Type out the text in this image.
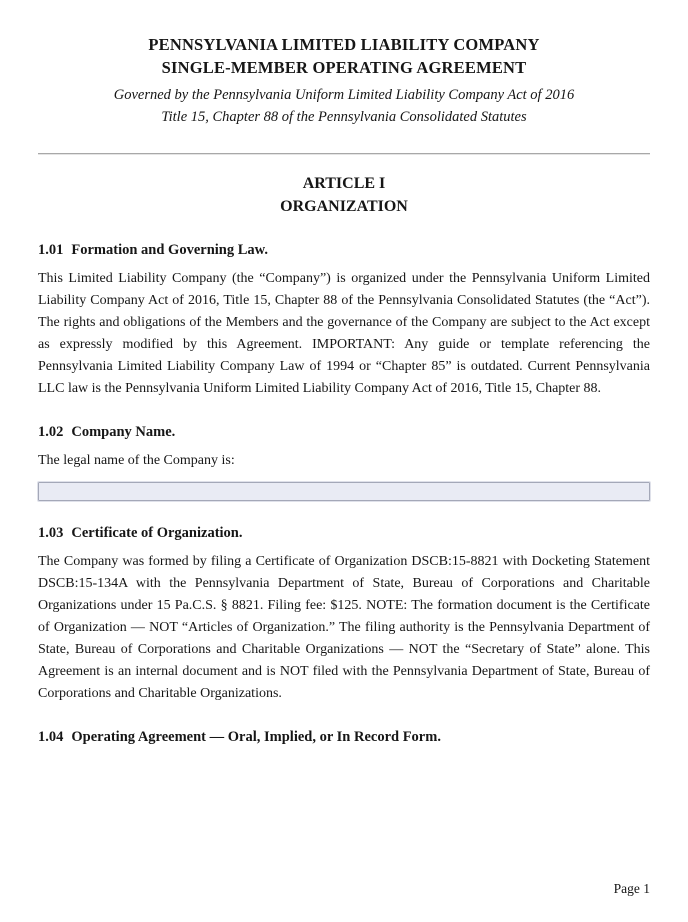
PENNSYLVANIA LIMITED LIABILITY COMPANY
SINGLE-MEMBER OPERATING AGREEMENT
Governed by the Pennsylvania Uniform Limited Liability Company Act of 2016
Title 15, Chapter 88 of the Pennsylvania Consolidated Statutes
ARTICLE I
ORGANIZATION
1.01 Formation and Governing Law.

This Limited Liability Company (the “Company”) is organized under the Pennsylvania Uniform Limited Liability Company Act of 2016, Title 15, Chapter 88 of the Pennsylvania Consolidated Statutes (the “Act”). The rights and obligations of the Members and the governance of the Company are subject to the Act except as expressly modified by this Agreement. IMPORTANT: Any guide or template referencing the Pennsylvania Limited Liability Company Law of 1994 or “Chapter 85” is outdated. Current Pennsylvania LLC law is the Pennsylvania Uniform Limited Liability Company Act of 2016, Title 15, Chapter 88.

1.02 Company Name.

The legal name of the Company is:

1.03 Certificate of Organization.

The Company was formed by filing a Certificate of Organization DSCB:15-8821 with Docketing Statement DSCB:15-134A with the Pennsylvania Department of State, Bureau of Corporations and Charitable Organizations under 15 Pa.C.S. § 8821. Filing fee: $125. NOTE: The formation document is the Certificate of Organization — NOT “Articles of Organization.” The filing authority is the Pennsylvania Department of State, Bureau of Corporations and Charitable Organizations — NOT the “Secretary of State” alone. This Agreement is an internal document and is NOT filed with the Pennsylvania Department of State, Bureau of Corporations and Charitable Organizations.

1.04 Operating Agreement — Oral, Implied, or In Record Form.
Page 1
